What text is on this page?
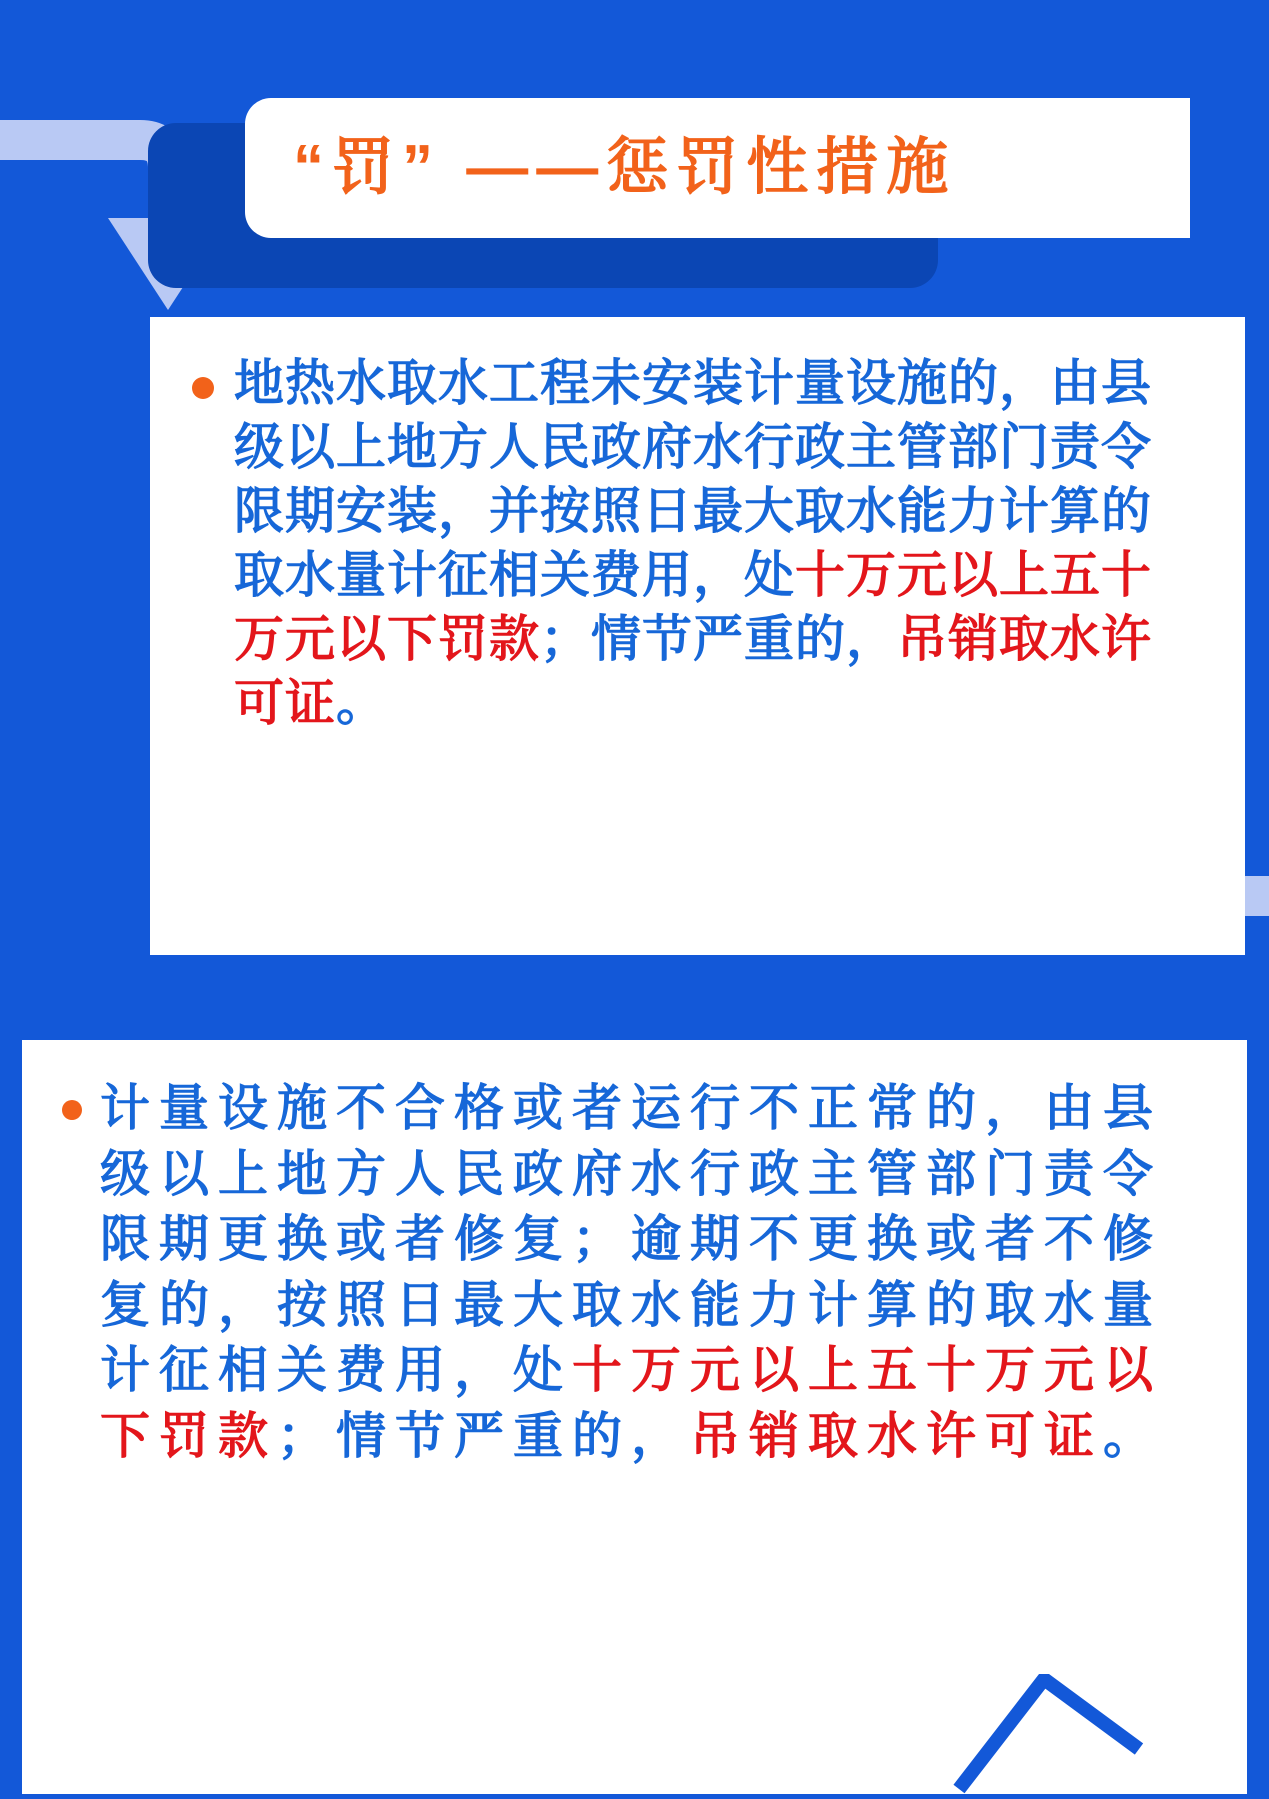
“罚” ——惩罚性措施

地热水取水工程未安装计量设施的，由县级以上地方人民政府水行政主管部门责令限期安装，并按照日最大取水能力计算的取水量计征相关费用，处十万元以上五十万元以下罚款；情节严重的，吊销取水许可证。

计量设施不合格或者运行不正常的，由县级以上地方人民政府水行政主管部门责令限期更换或者修复；逾期不更换或者不修复的，按照日最大取水能力计算的取水量计征相关费用，处十万元以上五十万元以下罚款；情节严重的，吊销取水许可证。
